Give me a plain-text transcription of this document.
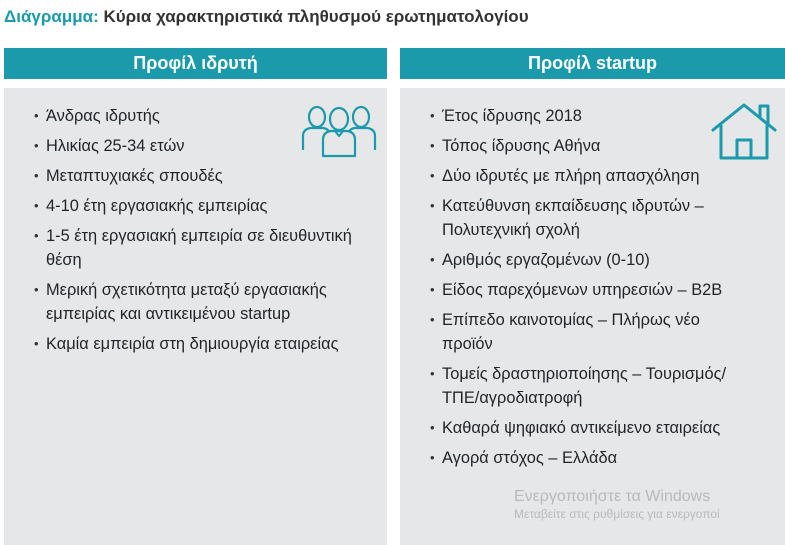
Διάγραμμα: Κύρια χαρακτηριστικά πληθυσμού ερωτηματολογίου
Προφίλ ιδρυτή	Προφίλ startup
• Άνδρας ιδρυτής
• Ηλικίας 25-34 ετών
• Μεταπτυχιακές σπουδές
• 4-10 έτη εργασιακής εμπειρίας
• 1-5 έτη εργασιακή εμπειρία σε διευθυντική θέση
• Μερική σχετικότητα μεταξύ εργασιακής εμπειρίας και αντικειμένου startup
• Καμία εμπειρία στη δημιουργία εταιρείας
• Έτος ίδρυσης 2018
• Τόπος ίδρυσης Αθήνα
• Δύο ιδρυτές με πλήρη απασχόληση
• Κατεύθυνση εκπαίδευσης ιδρυτών – Πολυτεχνική σχολή
• Αριθμός εργαζομένων (0-10)
• Είδος παρεχόμενων υπηρεσιών – B2B
• Επίπεδο καινοτομίας – Πλήρως νέο προϊόν
• Τομείς δραστηριοποίησης – Τουρισμός/ΤΠΕ/αγροδιατροφή
• Καθαρά ψηφιακό αντικείμενο εταιρείας
• Αγορά στόχος – Ελλάδα
Ενεργοποιήστε τα Windows
Μεταβείτε στις ρυθμίσεις για ενεργοποί
